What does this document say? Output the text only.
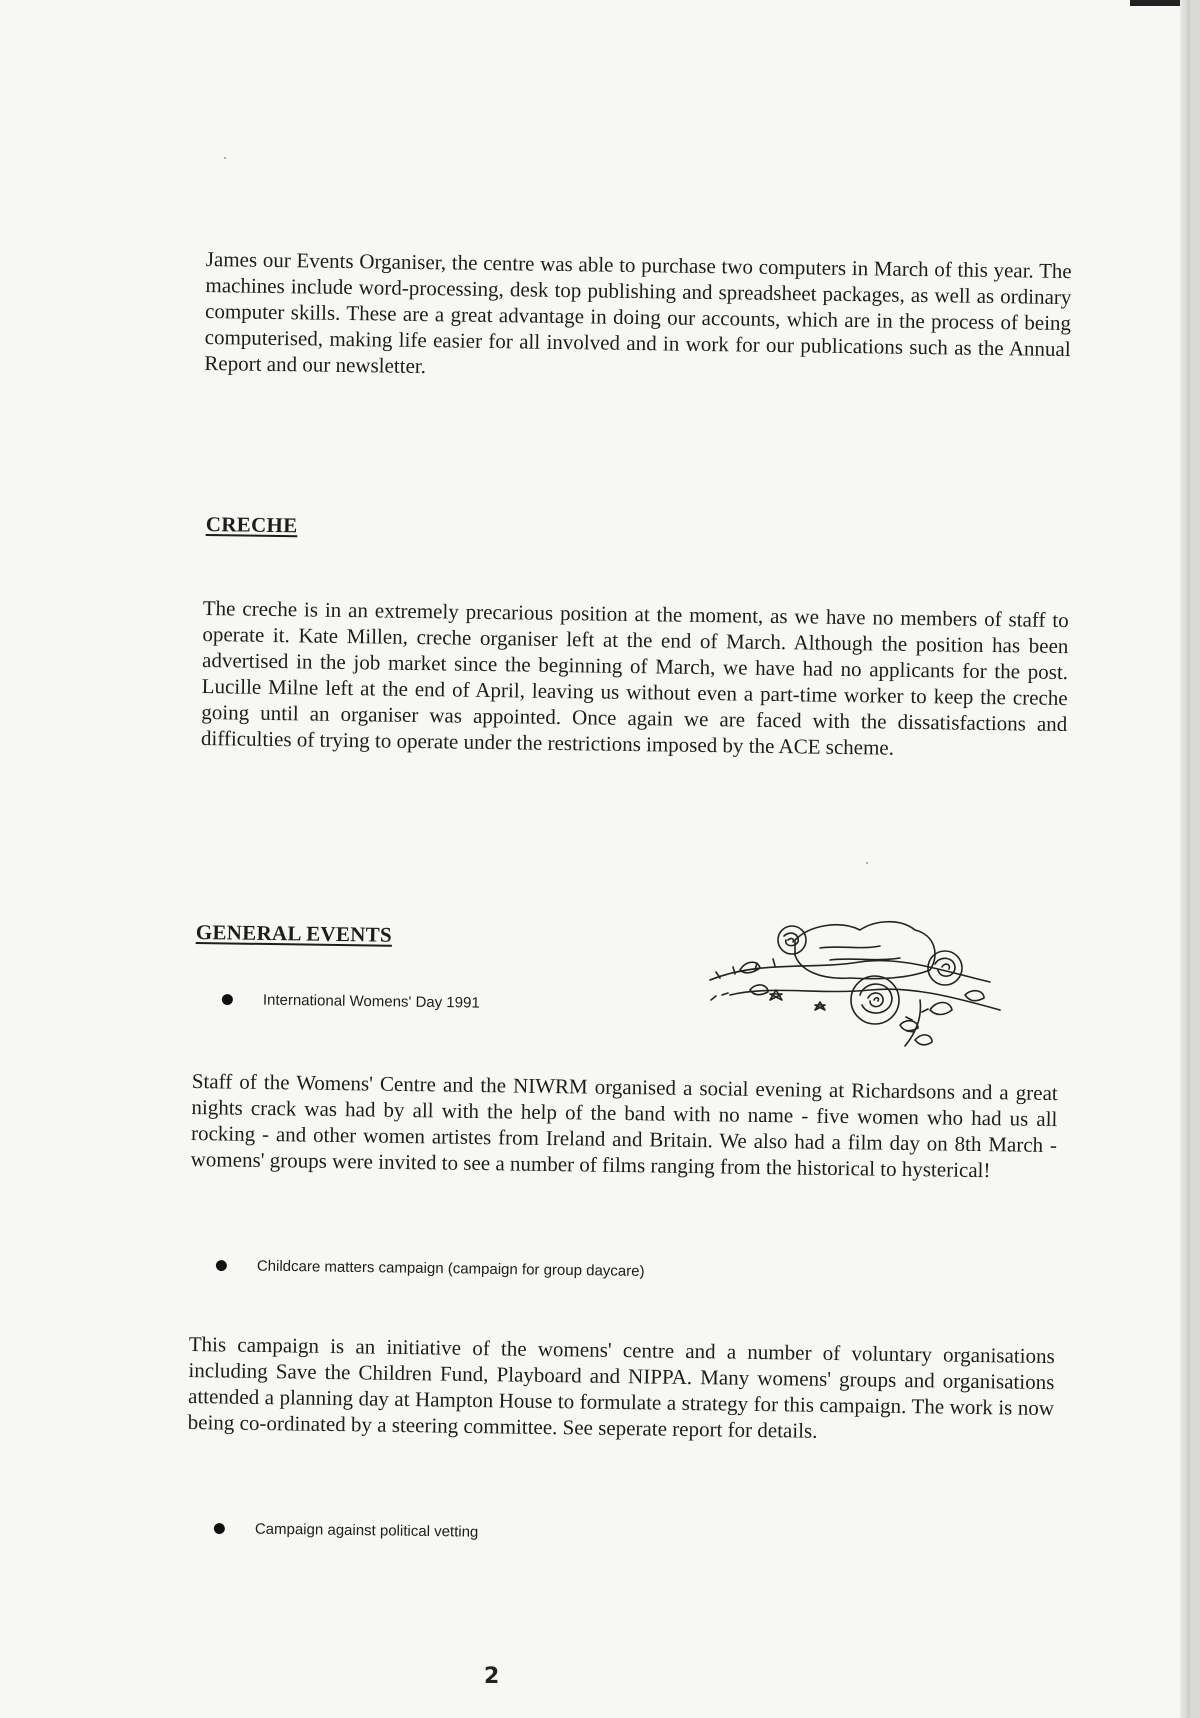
James our Events Organiser, the centre was able to purchase two computers in March of this year. The machines include word-processing, desk top publishing and spreadsheet packages, as well as ordinary computer skills. These are a great advantage in doing our accounts, which are in the process of being computerised, making life easier for all involved and in work for our publications such as the Annual Report and our newsletter.

CRECHE

The creche is in an extremely precarious position at the moment, as we have no members of staff to operate it. Kate Millen, creche organiser left at the end of March. Although the position has been advertised in the job market since the beginning of March, we have had no applicants for the post. Lucille Milne left at the end of April, leaving us without even a part-time worker to keep the creche going until an organiser was appointed. Once again we are faced with the dissatisfactions and difficulties of trying to operate under the restrictions imposed by the ACE scheme.

GENERAL EVENTS
International Womens' Day 1991

Staff of the Womens' Centre and the NIWRM organised a social evening at Richardsons and a great nights crack was had by all with the help of the band with no name - five women who had us all rocking - and other women artistes from Ireland and Britain. We also had a film day on 8th March - womens' groups were invited to see a number of films ranging from the historical to hysterical!

Childcare matters campaign (campaign for group daycare)

This campaign is an initiative of the womens' centre and a number of voluntary organisations including Save the Children Fund, Playboard and NIPPA. Many womens' groups and organisations attended a planning day at Hampton House to formulate a strategy for this campaign. The work is now being co-ordinated by a steering committee. See seperate report for details.

Campaign against political vetting
2
